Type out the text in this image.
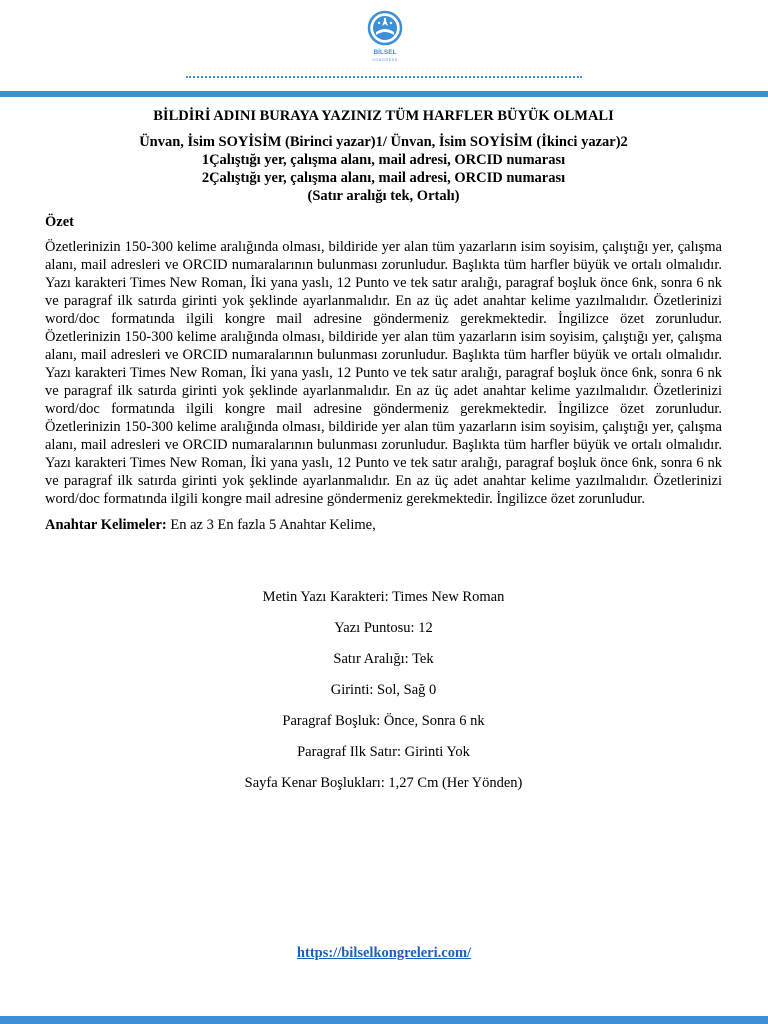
BİLSEL
CONGRESS
BİLDİRİ ADINI BURAYA YAZINIZ TÜM HARFLER BÜYÜK OLMALI
Ünvan, İsim SOYİSİM (Birinci yazar)1/ Ünvan, İsim SOYİSİM (İkinci yazar)2
1Çalıştığı yer, çalışma alanı, mail adresi, ORCID numarası
2Çalıştığı yer, çalışma alanı, mail adresi, ORCID numarası
(Satır aralığı tek, Ortalı)
Özet

Özetlerinizin 150-300 kelime aralığında olması, bildiride yer alan tüm yazarların isim soyisim, çalıştığı yer, çalışma alanı, mail adresleri ve ORCID numaralarının bulunması zorunludur. Başlıkta tüm harfler büyük ve ortalı olmalıdır. Yazı karakteri Times New Roman, İki yana yaslı, 12 Punto ve tek satır aralığı, paragraf boşluk önce 6nk, sonra 6 nk ve paragraf ilk satırda girinti yok şeklinde ayarlanmalıdır. En az üç adet anahtar kelime yazılmalıdır. Özetlerinizi word/doc formatında ilgili kongre mail adresine göndermeniz gerekmektedir. İngilizce özet zorunludur. Özetlerinizin 150-300 kelime aralığında olması, bildiride yer alan tüm yazarların isim soyisim, çalıştığı yer, çalışma alanı, mail adresleri ve ORCID numaralarının bulunması zorunludur. Başlıkta tüm harfler büyük ve ortalı olmalıdır. Yazı karakteri Times New Roman, İki yana yaslı, 12 Punto ve tek satır aralığı, paragraf boşluk önce 6nk, sonra 6 nk ve paragraf ilk satırda girinti yok şeklinde ayarlanmalıdır. En az üç adet anahtar kelime yazılmalıdır. Özetlerinizi word/doc formatında ilgili kongre mail adresine göndermeniz gerekmektedir. İngilizce özet zorunludur. Özetlerinizin 150-300 kelime aralığında olması, bildiride yer alan tüm yazarların isim soyisim, çalıştığı yer, çalışma alanı, mail adresleri ve ORCID numaralarının bulunması zorunludur. Başlıkta tüm harfler büyük ve ortalı olmalıdır. Yazı karakteri Times New Roman, İki yana yaslı, 12 Punto ve tek satır aralığı, paragraf boşluk önce 6nk, sonra 6 nk ve paragraf ilk satırda girinti yok şeklinde ayarlanmalıdır. En az üç adet anahtar kelime yazılmalıdır. Özetlerinizi word/doc formatında ilgili kongre mail adresine göndermeniz gerekmektedir. İngilizce özet zorunludur.

Anahtar Kelimeler: En az 3 En fazla 5 Anahtar Kelime,

Metin Yazı Karakteri: Times New Roman
Yazı Puntosu: 12
Satır Aralığı: Tek
Girinti: Sol, Sağ 0
Paragraf Boşluk: Önce, Sonra 6 nk
Paragraf Ilk Satır: Girinti Yok
Sayfa Kenar Boşlukları: 1,27 Cm (Her Yönden)
https://bilselkongreleri.com/
